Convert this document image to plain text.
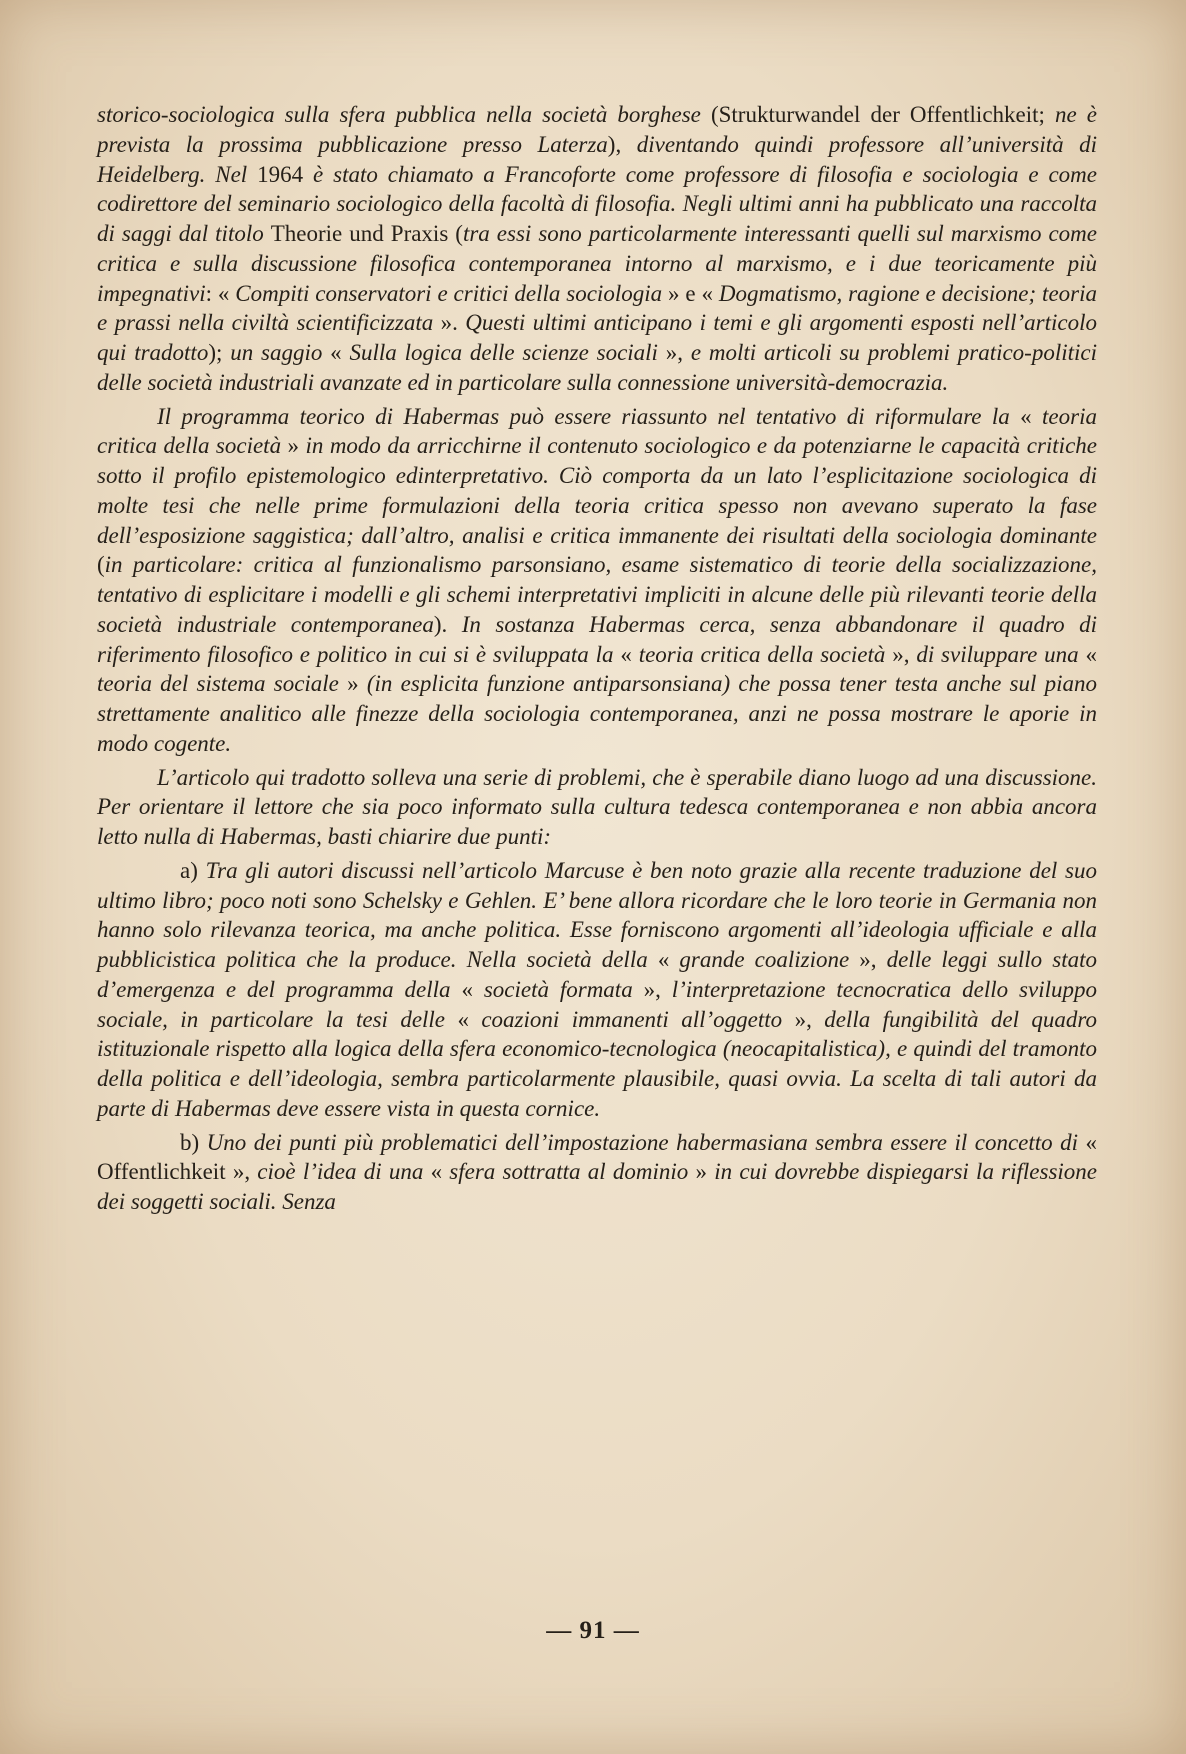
storico-sociologica sulla sfera pubblica nella società borghese (Strukturwandel der Offentlichkeit; ne è prevista la prossima pubblicazione presso Laterza), diventando quindi professore all’università di Heidelberg. Nel 1964 è stato chiamato a Francoforte come professore di filosofia e sociologia e come codirettore del seminario sociologico della facoltà di filosofia. Negli ultimi anni ha pubblicato una raccolta di saggi dal titolo Theorie und Praxis (tra essi sono particolarmente interessanti quelli sul marxismo come critica e sulla discussione filosofica contemporanea intorno al marxismo, e i due teoricamente più impegnativi: « Compiti conservatori e critici della sociologia » e « Dogmatismo, ragione e decisione; teoria e prassi nella civiltà scientificizzata ». Questi ultimi anticipano i temi e gli argomenti esposti nell’articolo qui tradotto); un saggio « Sulla logica delle scienze sociali », e molti articoli su problemi pratico-politici delle società industriali avanzate ed in particolare sulla connessione università-democrazia.

Il programma teorico di Habermas può essere riassunto nel tentativo di riformulare la « teoria critica della società » in modo da arricchirne il contenuto sociologico e da potenziarne le capacità critiche sotto il profilo epistemologico edinterpretativo. Ciò comporta da un lato l’esplicitazione sociologica di molte tesi che nelle prime formulazioni della teoria critica spesso non avevano superato la fase dell’esposizione saggistica; dall’altro, analisi e critica immanente dei risultati della sociologia dominante (in particolare: critica al funzionalismo parsonsiano, esame sistematico di teorie della socializzazione, tentativo di esplicitare i modelli e gli schemi interpretativi impliciti in alcune delle più rilevanti teorie della società industriale contemporanea). In sostanza Habermas cerca, senza abbandonare il quadro di riferimento filosofico e politico in cui si è sviluppata la « teoria critica della società », di sviluppare una « teoria del sistema sociale » (in esplicita funzione antiparsonsiana) che possa tener testa anche sul piano strettamente analitico alle finezze della sociologia contemporanea, anzi ne possa mostrare le aporie in modo cogente.

L’articolo qui tradotto solleva una serie di problemi, che è sperabile diano luogo ad una discussione. Per orientare il lettore che sia poco informato sulla cultura tedesca contemporanea e non abbia ancora letto nulla di Habermas, basti chiarire due punti:

a) Tra gli autori discussi nell’articolo Marcuse è ben noto grazie alla recente traduzione del suo ultimo libro; poco noti sono Schelsky e Gehlen. E’ bene allora ricordare che le loro teorie in Germania non hanno solo rilevanza teorica, ma anche politica. Esse forniscono argomenti all’ideologia ufficiale e alla pubblicistica politica che la produce. Nella società della « grande coalizione », delle leggi sullo stato d’emergenza e del programma della « società formata », l’interpretazione tecnocratica dello sviluppo sociale, in particolare la tesi delle « coazioni immanenti all’oggetto », della fungibilità del quadro istituzionale rispetto alla logica della sfera economico-tecnologica (neocapitalistica), e quindi del tramonto della politica e dell’ideologia, sembra particolarmente plausibile, quasi ovvia. La scelta di tali autori da parte di Habermas deve essere vista in questa cornice.

b) Uno dei punti più problematici dell’impostazione habermasiana sembra essere il concetto di « Offentlichkeit », cioè l’idea di una « sfera sottratta al dominio » in cui dovrebbe dispiegarsi la riflessione dei soggetti sociali. Senza

— 91 —
